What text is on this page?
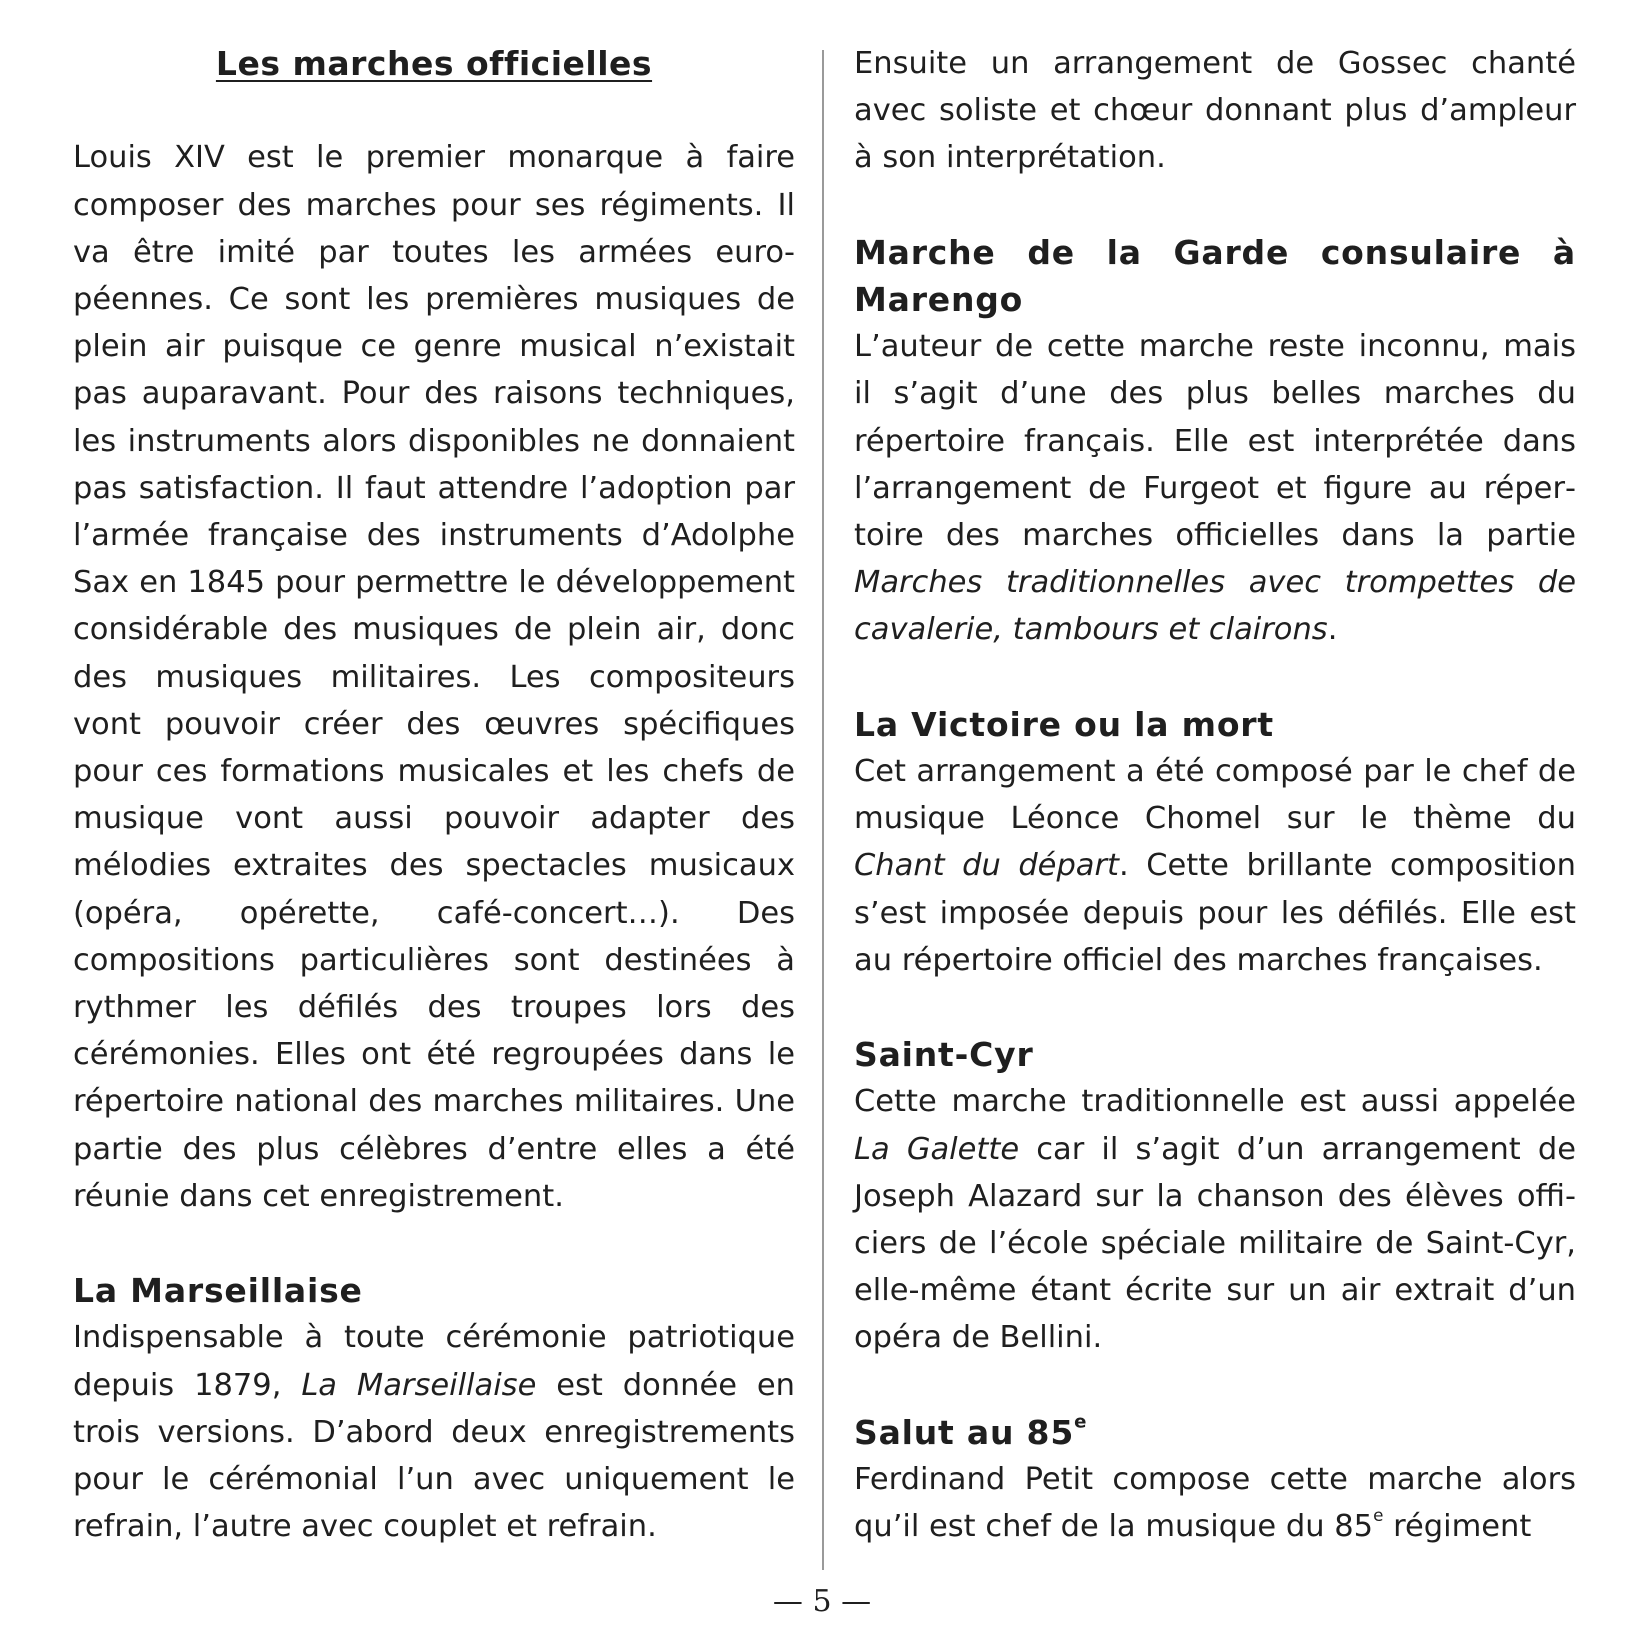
Les marches officielles

Louis XIV est le premier monarque à faire composer des marches pour ses régiments. Il va être imité par toutes les armées européennes. Ce sont les premières musiques de plein air puisque ce genre musical n’existait pas auparavant. Pour des raisons techniques, les instruments alors disponibles ne donnaient pas satisfaction. Il faut attendre l’adoption par l’armée française des instruments d’Adolphe Sax en 1845 pour permettre le développement considérable des musiques de plein air, donc des musiques militaires. Les compositeurs vont pouvoir créer des œuvres spécifiques pour ces formations musicales et les chefs de musique vont aussi pouvoir adapter des mélodies extraites des spectacles musicaux (opéra, opérette, café-concert…). Des compositions particulières sont destinées à rythmer les défilés des troupes lors des cérémonies. Elles ont été regroupées dans le répertoire national des marches militaires. Une partie des plus célèbres d’entre elles a été réunie dans cet enregistrement.

La Marseillaise

Indispensable à toute cérémonie patriotique depuis 1879, La Marseillaise est donnée en trois versions. D’abord deux enregistrements pour le cérémonial l’un avec uniquement le refrain, l’autre avec couplet et refrain.

Ensuite un arrangement de Gossec chanté avec soliste et chœur donnant plus d’ampleur à son interprétation.

Marche de la Garde consulaire à Marengo

L’auteur de cette marche reste inconnu, mais il s’agit d’une des plus belles marches du répertoire français. Elle est interprétée dans l’arrangement de Furgeot et figure au répertoire des marches officielles dans la partie Marches traditionnelles avec trompettes de cavalerie, tambours et clairons.

La Victoire ou la mort

Cet arrangement a été composé par le chef de musique Léonce Chomel sur le thème du Chant du départ. Cette brillante composition s’est imposée depuis pour les défilés. Elle est au répertoire officiel des marches françaises.

Saint-Cyr

Cette marche traditionnelle est aussi appelée La Galette car il s’agit d’un arrangement de Joseph Alazard sur la chanson des élèves officiers de l’école spéciale militaire de Saint-Cyr, elle-même étant écrite sur un air extrait d’un opéra de Bellini.

Salut au 85e

Ferdinand Petit compose cette marche alors qu’il est chef de la musique du 85e régiment

— 5 —
